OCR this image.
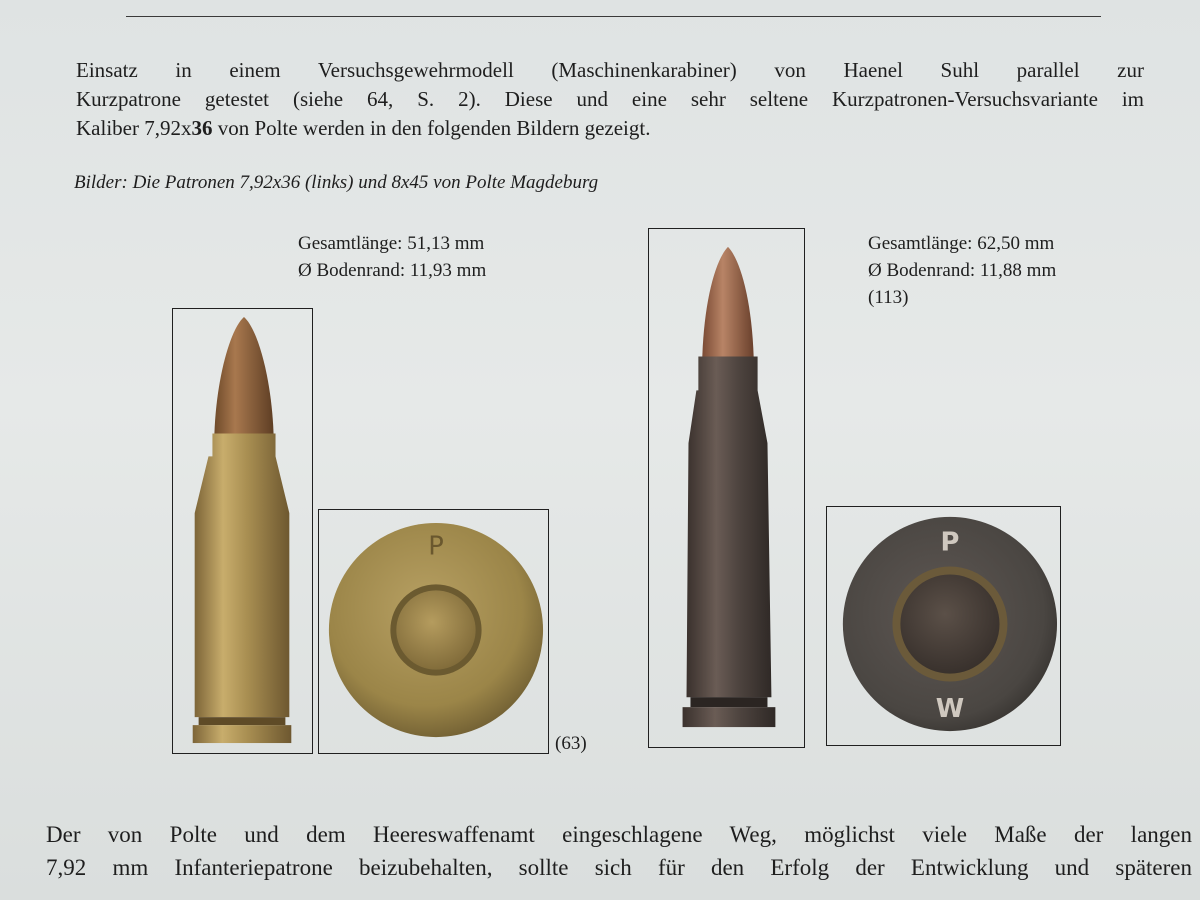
Einsatz in einem Versuchsgewehrmodell (Maschinenkarabiner) von Haenel Suhl parallel zur
Kurzpatrone getestet (siehe 64, S. 2). Diese und eine sehr seltene Kurzpatronen-Versuchsvariante im
Kaliber 7,92x36 von Polte werden in den folgenden Bildern gezeigt.
Bilder: Die Patronen 7,92x36 (links) und 8x45 von Polte Magdeburg
Gesamtlänge: 51,13 mm
Ø Bodenrand: 11,93 mm
Gesamtlänge: 62,50 mm
Ø Bodenrand: 11,88 mm
(113)
P
(63)
P
W
Der von Polte und dem Heereswaffenamt eingeschlagene Weg, möglichst viele Maße der langen
7,92 mm Infanteriepatrone beizubehalten, sollte sich für den Erfolg der Entwicklung und späteren
